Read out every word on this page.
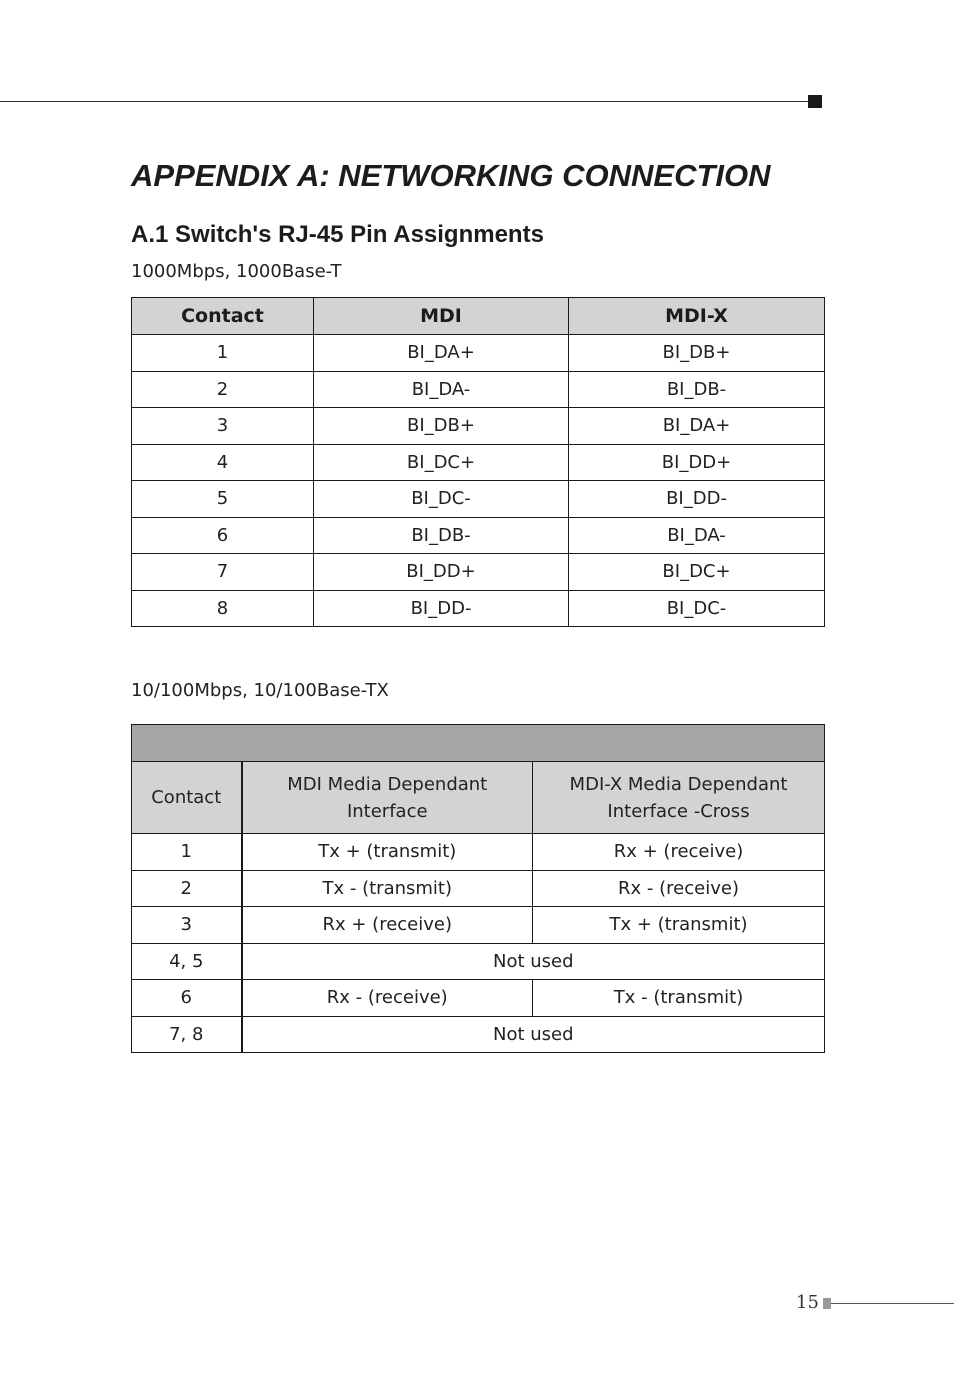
APPENDIX A: NETWORKING CONNECTION
A.1 Switch's RJ-45 Pin Assignments

1000Mbps, 1000Base-T

Contact	MDI	MDI-X
1	BI_DA+	BI_DB+
2	BI_DA-	BI_DB-
3	BI_DB+	BI_DA+
4	BI_DC+	BI_DD+
5	BI_DC-	BI_DD-
6	BI_DB-	BI_DA-
7	BI_DD+	BI_DC+
8	BI_DD-	BI_DC-

10/100Mbps, 10/100Base-TX

Contact	MDI Media Dependant Interface	MDI-X Media Dependant Interface -Cross
1	Tx + (transmit)	Rx + (receive)
2	Tx - (transmit)	Rx - (receive)
3	Rx + (receive)	Tx + (transmit)
4, 5	Not used	
6	Rx - (receive)	Tx - (transmit)
7, 8	Not used	
15
